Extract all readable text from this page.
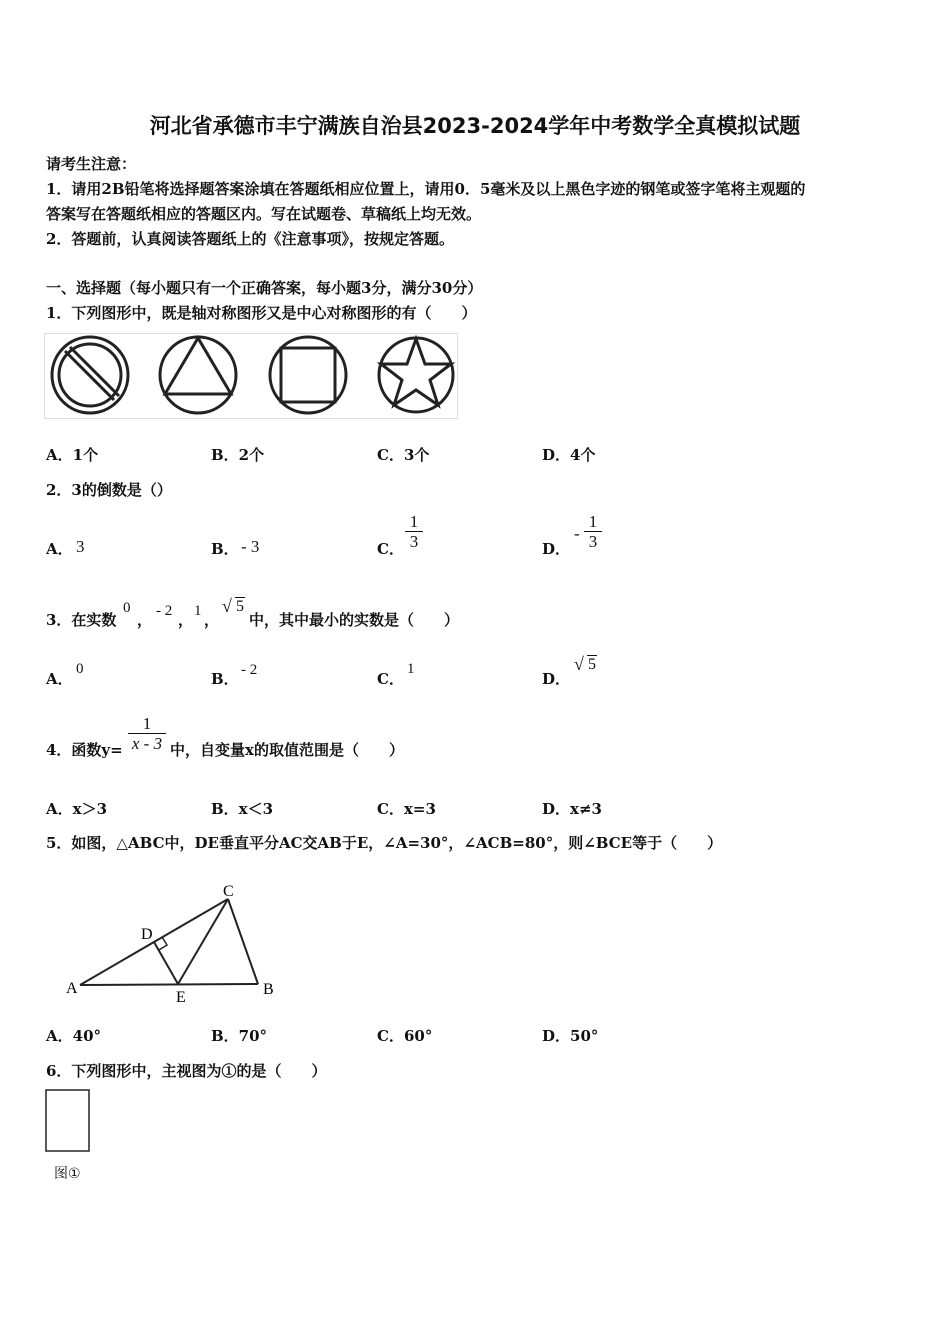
河北省承德市丰宁满族自治县2023-2024学年中考数学全真模拟试题
请考生注意：
1．请用2B铅笔将选择题答案涂填在答题纸相应位置上，请用0．5毫米及以上黑色字迹的钢笔或签字笔将主观题的
答案写在答题纸相应的答题区内。写在试题卷、草稿纸上均无效。
2．答题前，认真阅读答题纸上的《注意事项》，按规定答题。
一、选择题（每小题只有一个正确答案，每小题3分，满分30分）
1．下列图形中，既是轴对称图形又是中心对称图形的有（　　）
A．1个	B．2个	C．3个	D．4个
2．3的倒数是（）
A． 3	B． - 3	C．
1
3	D．
-
1
3
3．在实数
0
， - 2 ， 1 ，
√ 5
中，其中最小的实数是（　　）
A．
0
B． - 2	C．
1
D．
√ 5
4．函数y=
1
x - 3 中，自变量x的取值范围是（　　）
A．x＞3	B．x＜3	C．x=3	D．x≠3
5．如图，△ABC中，DE垂直平分AC交AB于E，∠A=30°，∠ACB=80°，则∠BCE等于（　　）
A	B
C
D
E
A．40°	B．70°	C．60°	D．50°
6．下列图形中，主视图为①的是（　　）
图①
